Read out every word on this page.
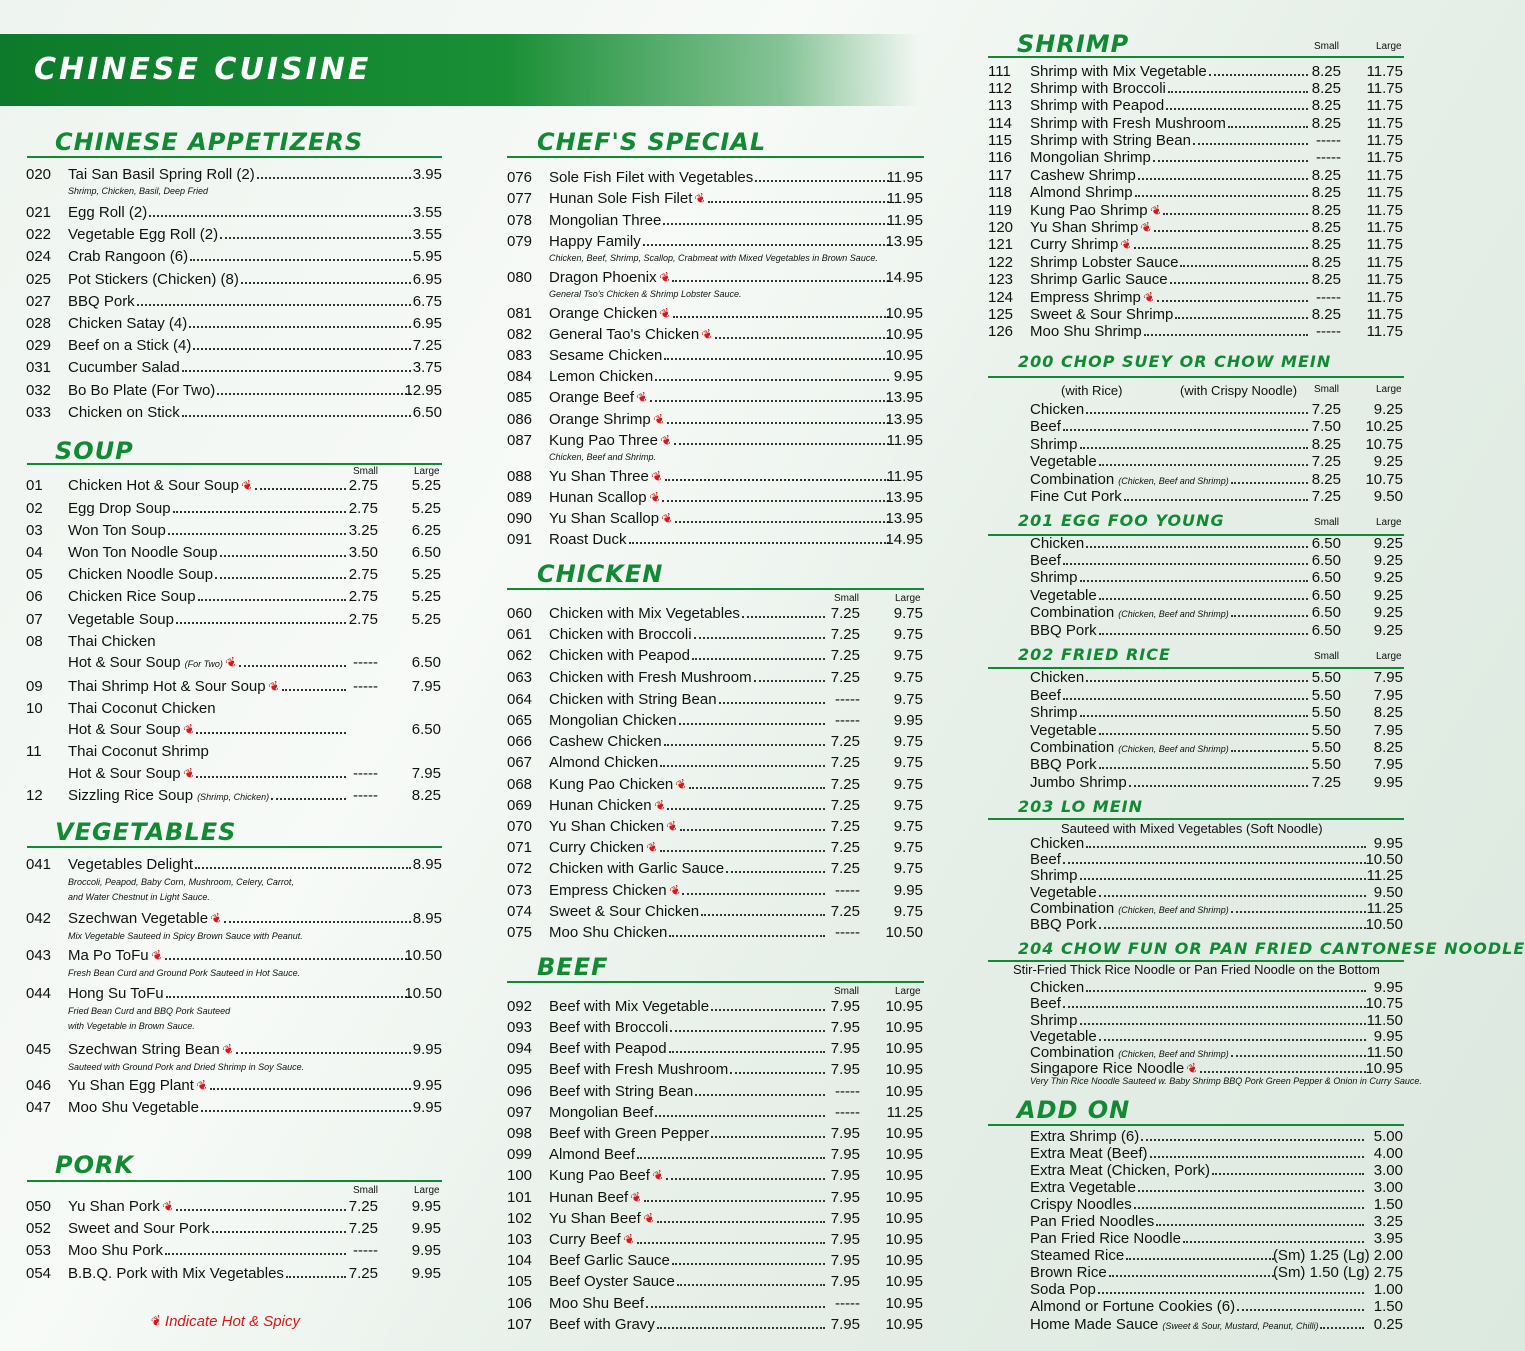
CHINESE CUISINE
CHINESE APPETIZERS
020 Tai San Basil Spring Roll (2)	3.95
Shrimp, Chicken, Basil, Deep Fried
021 Egg Roll (2)	3.55
022 Vegetable Egg Roll (2)	3.55
024 Crab Rangoon (6)	5.95
025 Pot Stickers (Chicken) (8)	6.95
027 BBQ Pork	6.75
028 Chicken Satay (4)	6.95
029 Beef on a Stick (4)	7.25
031 Cucumber Salad	3.75
032 Bo Bo Plate (For Two)	12.95
033 Chicken on Stick	6.50
SOUP
Small	Large
01 Chicken Hot & Sour Soup❦	2.75 5.25
02 Egg Drop Soup	2.75 5.25
03 Won Ton Soup	3.25 6.25
04 Won Ton Noodle Soup	3.50 6.50
05 Chicken Noodle Soup	2.75 5.25
06 Chicken Rice Soup	2.75 5.25
07 Vegetable Soup	2.75 5.25
08 Thai Chicken
Hot & Sour Soup (For Two)❦	----- 6.50
09 Thai Shrimp Hot & Sour Soup❦	----- 7.95
10 Thai Coconut Chicken
Hot & Sour Soup❦	6.50
11 Thai Coconut Shrimp
Hot & Sour Soup❦	----- 7.95
12 Sizzling Rice Soup (Shrimp, Chicken)	----- 8.25
VEGETABLES
041 Vegetables Delight	8.95
Broccoli, Peapod, Baby Corn, Mushroom, Celery, Carrot,
and Water Chestnut in Light Sauce.
042 Szechwan Vegetable❦	8.95
Mix Vegetable Sauteed in Spicy Brown Sauce with Peanut.
043 Ma Po ToFu❦	10.50
Fresh Bean Curd and Ground Pork Sauteed in Hot Sauce.
044 Hong Su ToFu	10.50
Fried Bean Curd and BBQ Pork Sauteed
with Vegetable in Brown Sauce.
045 Szechwan String Bean❦	9.95
Sauteed with Ground Pork and Dried Shrimp in Soy Sauce.
046 Yu Shan Egg Plant❦	9.95
047 Moo Shu Vegetable	9.95
PORK
Small	Large
050 Yu Shan Pork❦	7.25 9.95
052 Sweet and Sour Pork	7.25 9.95
053 Moo Shu Pork	----- 9.95
054 B.B.Q. Pork with Mix Vegetables	7.25 9.95
CHEF'S SPECIAL
076 Sole Fish Filet with Vegetables	11.95
077 Hunan Sole Fish Filet❦	11.95
078 Mongolian Three	11.95
079 Happy Family	13.95
Chicken, Beef, Shrimp, Scallop, Crabmeat with Mixed Vegetables in Brown Sauce.
080 Dragon Phoenix❦	14.95
General Tso's Chicken & Shrimp Lobster Sauce.
081 Orange Chicken❦	10.95
082 General Tao's Chicken❦	10.95
083 Sesame Chicken	10.95
084 Lemon Chicken	9.95
085 Orange Beef❦	13.95
086 Orange Shrimp❦	13.95
087 Kung Pao Three❦	11.95
Chicken, Beef and Shrimp.
088 Yu Shan Three❦	11.95
089 Hunan Scallop❦	13.95
090 Yu Shan Scallop❦	13.95
091 Roast Duck	14.95
CHICKEN
Small	Large
060 Chicken with Mix Vegetables	7.25 9.75
061 Chicken with Broccoli	7.25 9.75
062 Chicken with Peapod	7.25 9.75
063 Chicken with Fresh Mushroom	7.25 9.75
064 Chicken with String Bean	----- 9.75
065 Mongolian Chicken	----- 9.95
066 Cashew Chicken	7.25 9.75
067 Almond Chicken	7.25 9.75
068 Kung Pao Chicken❦	7.25 9.75
069 Hunan Chicken❦	7.25 9.75
070 Yu Shan Chicken❦	7.25 9.75
071 Curry Chicken❦	7.25 9.75
072 Chicken with Garlic Sauce	7.25 9.75
073 Empress Chicken❦	----- 9.95
074 Sweet & Sour Chicken	7.25 9.75
075 Moo Shu Chicken	----- 10.50
BEEF
Small	Large
092 Beef with Mix Vegetable	7.95 10.95
093 Beef with Broccoli	7.95 10.95
094 Beef with Peapod	7.95 10.95
095 Beef with Fresh Mushroom	7.95 10.95
096 Beef with String Bean	----- 10.95
097 Mongolian Beef	----- 11.25
098 Beef with Green Pepper	7.95 10.95
099 Almond Beef	7.95 10.95
100 Kung Pao Beef❦	7.95 10.95
101 Hunan Beef❦	7.95 10.95
102 Yu Shan Beef❦	7.95 10.95
103 Curry Beef❦	7.95 10.95
104 Beef Garlic Sauce	7.95 10.95
105 Beef Oyster Sauce	7.95 10.95
106 Moo Shu Beef	----- 10.95
107 Beef with Gravy	7.95 10.95
SHRIMP	Small	Large
111 Shrimp with Mix Vegetable	8.25 11.75
112 Shrimp with Broccoli	8.25 11.75
113 Shrimp with Peapod	8.25 11.75
114 Shrimp with Fresh Mushroom	8.25 11.75
115 Shrimp with String Bean	----- 11.75
116 Mongolian Shrimp	----- 11.75
117 Cashew Shrimp	8.25 11.75
118 Almond Shrimp	8.25 11.75
119 Kung Pao Shrimp❦	8.25 11.75
120 Yu Shan Shrimp❦	8.25 11.75
121 Curry Shrimp❦	8.25 11.75
122 Shrimp Lobster Sauce	8.25 11.75
123 Shrimp Garlic Sauce	8.25 11.75
124 Empress Shrimp❦	----- 11.75
125 Sweet & Sour Shrimp	8.25 11.75
126 Moo Shu Shrimp	----- 11.75
200 CHOP SUEY OR CHOW MEIN
(with Rice)	(with Crispy Noodle) Small	Large
Chicken	7.25 9.25
Beef	7.50 10.25
Shrimp	8.25 10.75
Vegetable	7.25 9.25
Combination (Chicken, Beef and Shrimp)	8.25 10.75
Fine Cut Pork	7.25 9.50
201 EGG FOO YOUNG	Small	Large
Chicken	6.50 9.25
Beef	6.50 9.25
Shrimp	6.50 9.25
Vegetable	6.50 9.25
Combination (Chicken, Beef and Shrimp)	6.50 9.25
BBQ Pork	6.50 9.25
202 FRIED RICE	Small	Large
Chicken	5.50 7.95
Beef	5.50 7.95
Shrimp	5.50 8.25
Vegetable	5.50 7.95
Combination (Chicken, Beef and Shrimp)	5.50 8.25
BBQ Pork	5.50 7.95
Jumbo Shrimp	7.25 9.95
203 LO MEIN
Sauteed with Mixed Vegetables (Soft Noodle)
Chicken	9.95
Beef	10.50
Shrimp	11.25
Vegetable	9.50
Combination (Chicken, Beef and Shrimp)	11.25
BBQ Pork	10.50
204 CHOW FUN OR PAN FRIED CANTONESE NOODLE
Stir-Fried Thick Rice Noodle or Pan Fried Noodle on the Bottom
Chicken	9.95
Beef	10.75
Shrimp	11.50
Vegetable	9.95
Combination (Chicken, Beef and Shrimp)	11.50
Singapore Rice Noodle❦	10.95
Very Thin Rice Noodle Sauteed w. Baby Shrimp BBQ Pork Green Pepper & Onion in Curry Sauce.
ADD ON
Extra Shrimp (6)	5.00
Extra Meat (Beef)	4.00
Extra Meat (Chicken, Pork)	3.00
Extra Vegetable	3.00
Crispy Noodles	1.50
Pan Fried Noodles	3.25
Pan Fried Rice Noodle	3.95
Steamed Rice	(Sm) 1.25 (Lg) 2.00
Brown Rice	(Sm) 1.50 (Lg) 2.75
Soda Pop	1.00
Almond or Fortune Cookies (6)	1.50
Home Made Sauce (Sweet & Sour, Mustard, Peanut, Chilli)	0.25
❦ Indicate Hot & Spicy
